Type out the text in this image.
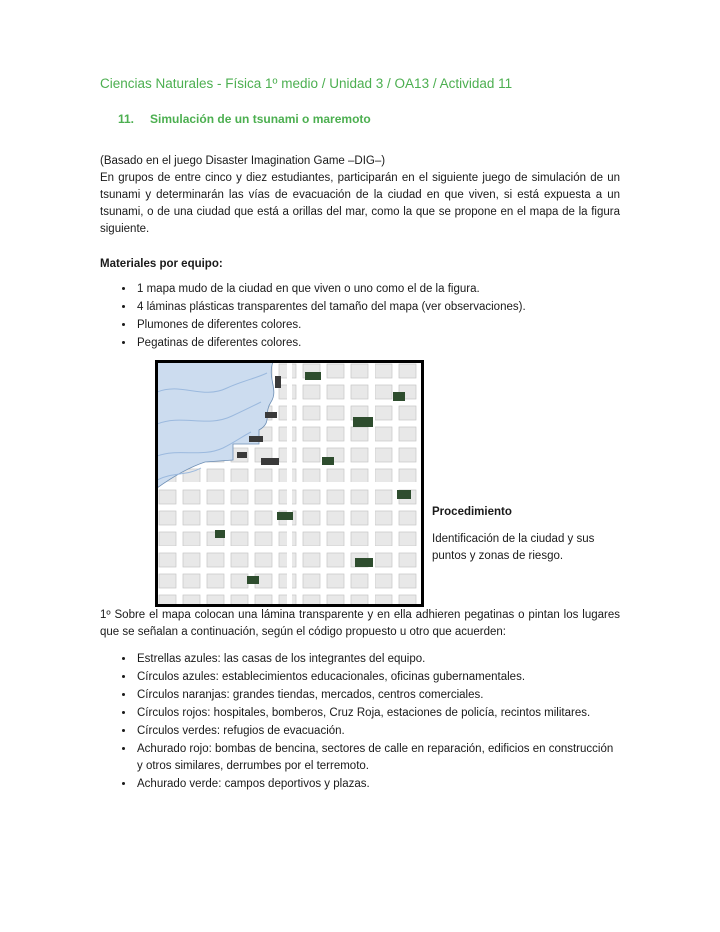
Ciencias Naturales - Física 1º medio / Unidad 3 / OA13 / Actividad 11
11. Simulación de un tsunami o maremoto

(Basado en el juego Disaster Imagination Game –DIG–)

En grupos de entre cinco y diez estudiantes, participarán en el siguiente juego de simulación de un tsunami y determinarán las vías de evacuación de la ciudad en que viven, si está expuesta a un tsunami, o de una ciudad que está a orillas del mar, como la que se propone en el mapa de la figura siguiente.

Materiales por equipo:

• 1 mapa mudo de la ciudad en que viven o uno como el de la figura.
• 4 láminas plásticas transparentes del tamaño del mapa (ver observaciones).
• Plumones de diferentes colores.
• Pegatinas de diferentes colores.

Procedimiento

Identificación de la ciudad y sus puntos y zonas de riesgo.

1º Sobre el mapa colocan una lámina transparente y en ella adhieren pegatinas o pintan los lugares que se señalan a continuación, según el código propuesto u otro que acuerden:

• Estrellas azules: las casas de los integrantes del equipo.
• Círculos azules: establecimientos educacionales, oficinas gubernamentales.
• Círculos naranjas: grandes tiendas, mercados, centros comerciales.
• Círculos rojos: hospitales, bomberos, Cruz Roja, estaciones de policía, recintos militares.
• Círculos verdes: refugios de evacuación.
• Achurado rojo: bombas de bencina, sectores de calle en reparación, edificios en construcción y otros similares, derrumbes por el terremoto.
• Achurado verde: campos deportivos y plazas.
